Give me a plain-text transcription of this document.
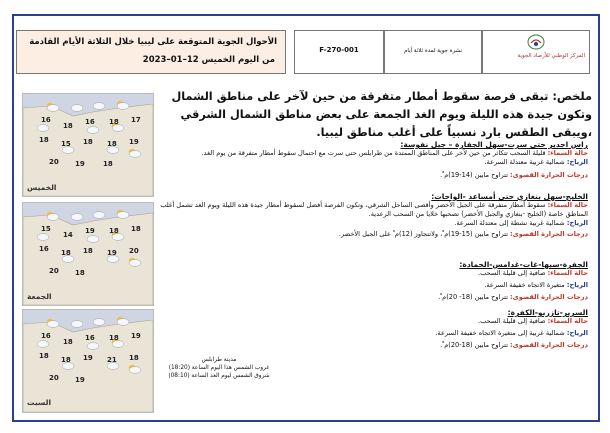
الأحوال الجوية المتوقعة على ليبيا خلال الثلاثة الأيام القادمة
من اليوم الخميس 12–01–2023
F-270-001	نشرة جوية لمدة ثلاثة أيام
المركز الوطني للأرصاد الجوية
ملخص: تبقى فرصة سقوط أمطار متفرقة من حين لآخر على مناطق الشمال وتكون جيدة هذه الليلة ويوم الغد الجمعة على بعض مناطق الشمال الشرقي ،ويبقى الطقس بارد نسبياً على أغلب مناطق ليبيا.
راس اجدير حتى سرت-سهل الجفارة – جبل نفوسة:
حالة السماء: قليلة السحب تتكاثر من حين لآخر على المناطق الممتدة من طرابلس حتى سرت مع احتمال سقوط أمطار متفرقة من يوم الغد.
الرياح: شمالية غربية معتدلة السرعة.
درجات الحرارة القصوى: تتراوح مابين (14-19)م ْ.
الخليج-سهل بنغازي حتى أمساعد -الواحات:
حالة السماء: سقوط أمطار متفرقة على الجبل الأخضر وأقصى الساحل الشرقي، وتكون الفرصة أفضل لسقوط أمطار جيدة هذه الليلة ويوم الغد تشمل أغلب المناطق خاصة (الخليج -بنغازي والجبل الأخضر) تصحبها خلايا من السحب الرعدية.
الرياح: شمالية غربية نشطة إلى معتدلة السرعة.
درجات الحرارة القصوى: تتراوح مابين (15-19)م ْ، ولاتتجاوز (12)م ْ على الجبل الأخضر.
الجفرة-سبها-غات-غدامس-الحمادة:
حالة السماء: صافية إلى قليلة السحب.
الرياح: متغيرة الاتجاه خفيفة السرعة.
درجات الحرارة القصوى: تتراوح مابين (18- 20)م ْ.
السرير-تازربو-الكفرة:
حالة السماء: صافية إلى قليلة السحب.
الرياح: شمالية غربية إلى متغيرة الاتجاه خفيفة السرعة.
درجات الحرارة القصوى: تتراوح مابين (18-20)م ْ.
الخميس
16
18 16 18 17
18 15 18 18 19
20 19	18
الجمعة
15
14 19 18 18
16 18 18 19 20
20 18
السبت
16
18 16 18 19
18 18 19 21 18
20 19
مدينة طرابلس
غروب الشمس هذا اليوم الساعة (18:20)
شروق الشمس ليوم الغد الساعة (08:10)
